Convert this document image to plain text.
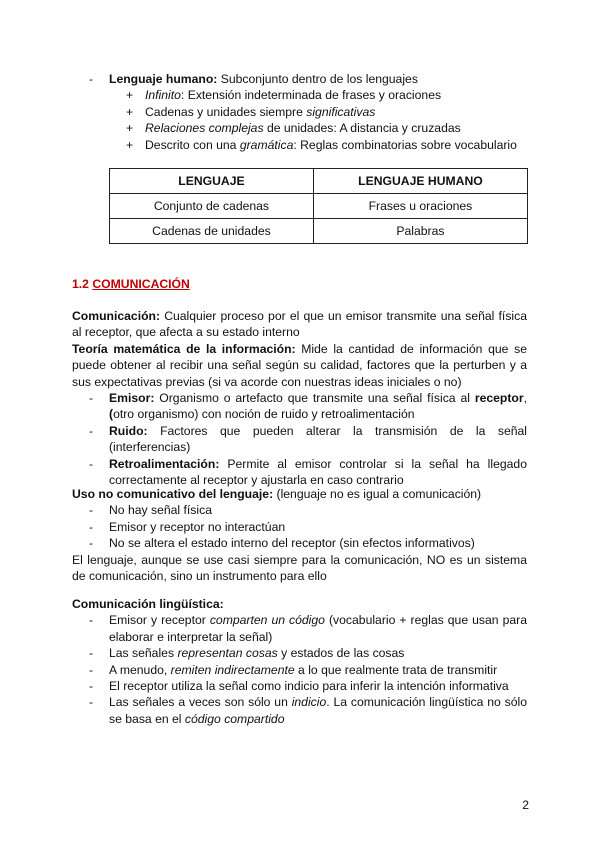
- Lenguaje humano: Subconjunto dentro de los lenguajes
+ Infinito: Extensión indeterminada de frases y oraciones
+ Cadenas y unidades siempre significativas
+ Relaciones complejas de unidades: A distancia y cruzadas
+ Descrito con una gramática: Reglas combinatorias sobre vocabulario
LENGUAJE	LENGUAJE HUMANO
Conjunto de cadenas	Frases u oraciones
Cadenas de unidades	Palabras
1.2 COMUNICACIÓN
Comunicación: Cualquier proceso por el que un emisor transmite una señal física al receptor, que afecta a su estado interno
Teoría matemática de la información: Mide la cantidad de información que se puede obtener al recibir una señal según su calidad, factores que la perturben y a sus expectativas previas (si va acorde con nuestras ideas iniciales o no)
- Emisor: Organismo o artefacto que transmite una señal física al receptor, (otro organismo) con noción de ruido y retroalimentación
- Ruido: Factores que pueden alterar la transmisión de la señal (interferencias)
- Retroalimentación: Permite al emisor controlar si la señal ha llegado correctamente al receptor y ajustarla en caso contrario
Uso no comunicativo del lenguaje: (lenguaje no es igual a comunicación)
- No hay señal física
- Emisor y receptor no interactúan
- No se altera el estado interno del receptor (sin efectos informativos)
El lenguaje, aunque se use casi siempre para la comunicación, NO es un sistema de comunicación, sino un instrumento para ello
Comunicación lingüística:
- Emisor y receptor comparten un código (vocabulario + reglas que usan para elaborar e interpretar la señal)
- Las señales representan cosas y estados de las cosas
- A menudo, remiten indirectamente a lo que realmente trata de transmitir
- El receptor utiliza la señal como indicio para inferir la intención informativa
- Las señales a veces son sólo un indicio. La comunicación lingüística no sólo se basa en el código compartido
2
